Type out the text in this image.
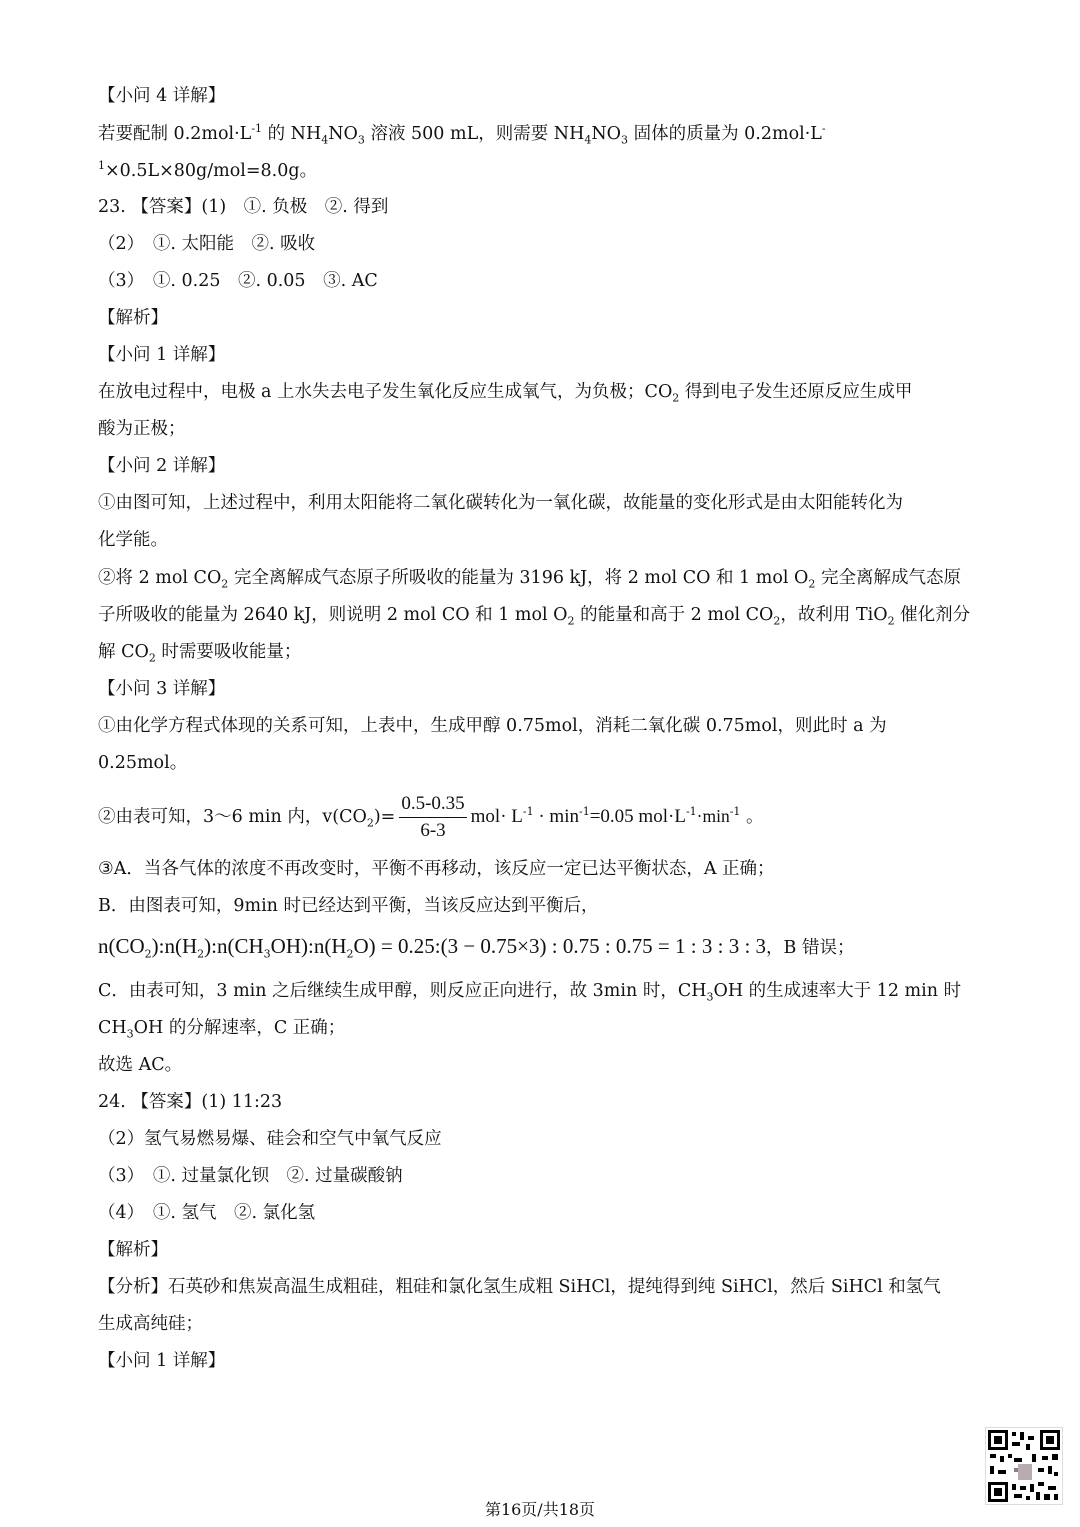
【小问 4 详解】
若要配制 $0.2mol\cdot L^{-1}$ 的 $NH_4NO_3$ 溶液 500 mL，则需要 $NH_4NO_3$ 固体的质量为 0.2mol·L-
$^1$×0.5L×80g/mol=8.0g。
23. 【答案】(1)　①. 负极　②. 得到
（2）　①. 太阳能　②. 吸收
（3）　①. 0.25　②. 0.05　③. AC
【解析】
【小问 1 详解】
在放电过程中，电极 a 上水失去电子发生氧化反应生成氧气，为负极；$CO_2$ 得到电子发生还原反应生成甲
酸为正极；
【小问 2 详解】
①由图可知，上述过程中，利用太阳能将二氧化碳转化为一氧化碳，故能量的变化形式是由太阳能转化为
化学能。
②将 2 mol $CO_2$ 完全离解成气态原子所吸收的能量为 3196 kJ，将 2 mol CO 和 1 mol $O_2$ 完全离解成气态原
子所吸收的能量为 2640 kJ，则说明 2 mol CO 和 1 mol $O_2$ 的能量和高于 2 mol $CO_2$，故利用 TiO$_2$ 催化剂分
解 $CO_2$ 时需要吸收能量；
【小问 3 详解】
①由化学方程式体现的关系可知，上表中，生成甲醇 0.75mol，消耗二氧化碳 0.75mol，则此时 a 为
0.25mol。
②由表可知，3～6 min 内，$v(CO_2)= \frac{0.5-0.35}{6-3} mol\cdot L^{-1} \cdot \min^{-1}=0.05$ $mol\cdot L^{-1}\cdot\min^{-1}$ 。
③A．当各气体的浓度不再改变时，平衡不再移动，该反应一定已达平衡状态，A 正确；
B．由图表可知，9min 时已经达到平衡，当该反应达到平衡后，
$n(CO_2):n(H_2):n(CH_3OH):n(H_2O)$ = 0.25:(3 − 0.75×3) : 0.75 : 0.75 = 1 : 3 : 3 : 3，B 错误；
C．由表可知，3 min 之后继续生成甲醇，则反应正向进行，故 3min 时，$CH_3OH$ 的生成速率大于 12 min 时
$CH_3OH$ 的分解速率，C 正确；
故选 AC。
24. 【答案】(1) 11:23
（2）氢气易燃易爆、硅会和空气中氧气反应
（3）　①. 过量氯化钡　②. 过量碳酸钠
（4）　①. 氢气　②. 氯化氢
【解析】
【分析】石英砂和焦炭高温生成粗硅，粗硅和氯化氢生成粗 SiHCl，提纯得到纯 SiHCl，然后 SiHCl 和氢气
生成高纯硅；
【小问 1 详解】
第16页/共18页
